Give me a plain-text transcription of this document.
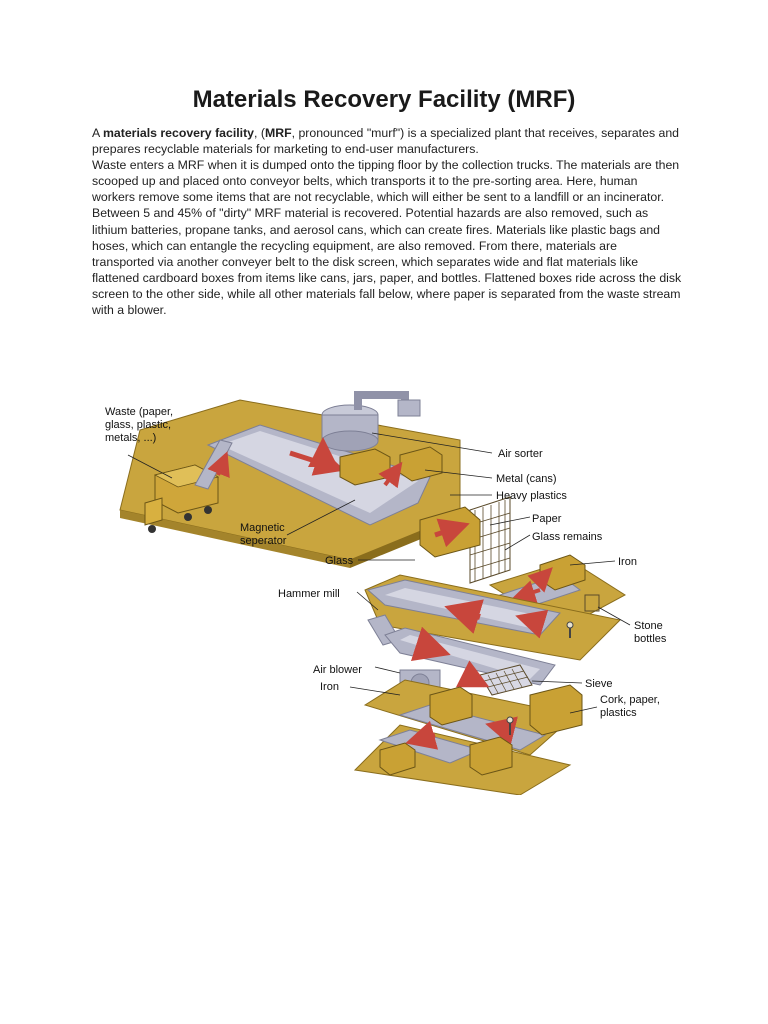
Materials Recovery Facility (MRF)

A materials recovery facility, (MRF, pronounced "murf") is a specialized plant that receives, separates and prepares recyclable materials for marketing to end-user manufacturers.

Waste enters a MRF when it is dumped onto the tipping floor by the collection trucks. The materials are then scooped up and placed onto conveyor belts, which transports it to the pre-sorting area. Here, human workers remove some items that are not recyclable, which will either be sent to a landfill or an incinerator. Between 5 and 45% of "dirty" MRF material is recovered. Potential hazards are also removed, such as lithium batteries, propane tanks, and aerosol cans, which can create fires. Materials like plastic bags and hoses, which can entangle the recycling equipment, are also removed. From there, materials are transported via another conveyer belt to the disk screen, which separates wide and flat materials like flattened cardboard boxes from items like cans, jars, paper, and bottles. Flattened boxes ride across the disk screen to the other side, while all other materials fall below, where paper is separated from the waste stream with a blower.

Waste (paper, glass, plastic, metals, ...)
Air sorter
Metal (cans)
Heavy plastics
Paper
Glass remains
Iron
Magnetic seperator
Glass
Hammer mill
Stone bottles
Air blower
Iron	Sieve
Cork, paper, plastics
